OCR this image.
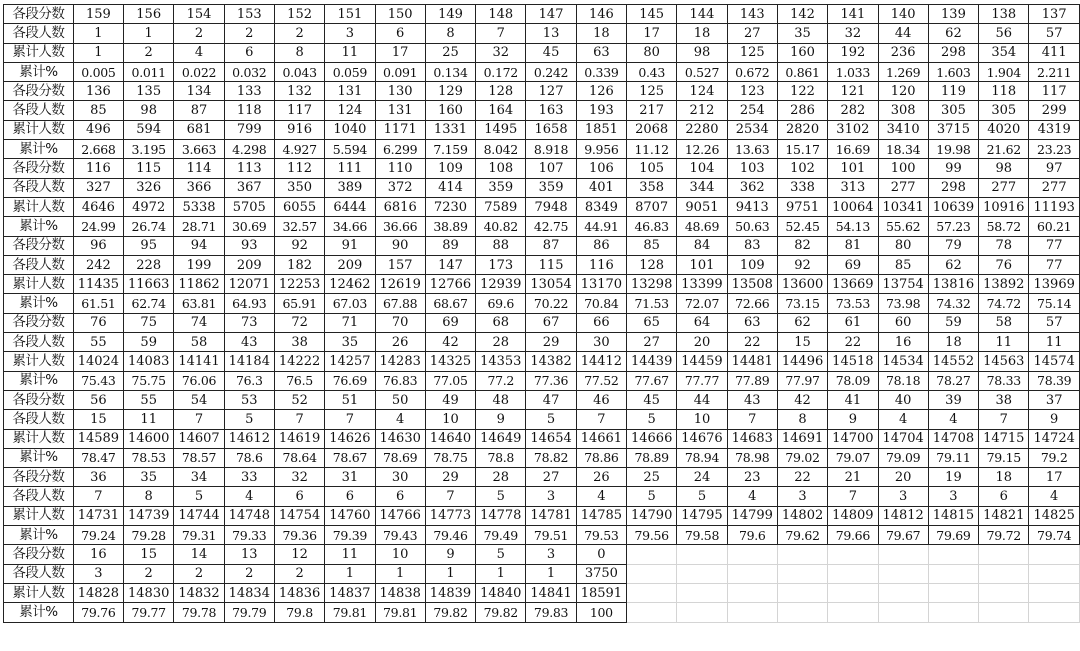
各段分数	159	156	154	153	152	151	150	149	148	147	146	145	144	143	142	141	140	139	138	137
各段人数	1	1	2	2	2	3	6	8	7	13	18	17	18	27	35	32	44	62	56	57
累计人数	1	2	4	6	8	11	17	25	32	45	63	80	98	125	160	192	236	298	354	411
累计%	0.005	0.011	0.022	0.032	0.043	0.059	0.091	0.134	0.172	0.242	0.339	0.43	0.527	0.672	0.861	1.033	1.269	1.603	1.904	2.211
各段分数	136	135	134	133	132	131	130	129	128	127	126	125	124	123	122	121	120	119	118	117
各段人数	85	98	87	118	117	124	131	160	164	163	193	217	212	254	286	282	308	305	305	299
累计人数	496	594	681	799	916	1040	1171	1331	1495	1658	1851	2068	2280	2534	2820	3102	3410	3715	4020	4319
累计%	2.668	3.195	3.663	4.298	4.927	5.594	6.299	7.159	8.042	8.918	9.956	11.12	12.26	13.63	15.17	16.69	18.34	19.98	21.62	23.23
各段分数	116	115	114	113	112	111	110	109	108	107	106	105	104	103	102	101	100	99	98	97
各段人数	327	326	366	367	350	389	372	414	359	359	401	358	344	362	338	313	277	298	277	277
累计人数	4646	4972	5338	5705	6055	6444	6816	7230	7589	7948	8349	8707	9051	9413	9751	10064	10341	10639	10916	11193
累计%	24.99	26.74	28.71	30.69	32.57	34.66	36.66	38.89	40.82	42.75	44.91	46.83	48.69	50.63	52.45	54.13	55.62	57.23	58.72	60.21
各段分数	96	95	94	93	92	91	90	89	88	87	86	85	84	83	82	81	80	79	78	77
各段人数	242	228	199	209	182	209	157	147	173	115	116	128	101	109	92	69	85	62	76	77
累计人数	11435	11663	11862	12071	12253	12462	12619	12766	12939	13054	13170	13298	13399	13508	13600	13669	13754	13816	13892	13969
累计%	61.51	62.74	63.81	64.93	65.91	67.03	67.88	68.67	69.6	70.22	70.84	71.53	72.07	72.66	73.15	73.53	73.98	74.32	74.72	75.14
各段分数	76	75	74	73	72	71	70	69	68	67	66	65	64	63	62	61	60	59	58	57
各段人数	55	59	58	43	38	35	26	42	28	29	30	27	20	22	15	22	16	18	11	11
累计人数	14024	14083	14141	14184	14222	14257	14283	14325	14353	14382	14412	14439	14459	14481	14496	14518	14534	14552	14563	14574
累计%	75.43	75.75	76.06	76.3	76.5	76.69	76.83	77.05	77.2	77.36	77.52	77.67	77.77	77.89	77.97	78.09	78.18	78.27	78.33	78.39
各段分数	56	55	54	53	52	51	50	49	48	47	46	45	44	43	42	41	40	39	38	37
各段人数	15	11	7	5	7	7	4	10	9	5	7	5	10	7	8	9	4	4	7	9
累计人数	14589	14600	14607	14612	14619	14626	14630	14640	14649	14654	14661	14666	14676	14683	14691	14700	14704	14708	14715	14724
累计%	78.47	78.53	78.57	78.6	78.64	78.67	78.69	78.75	78.8	78.82	78.86	78.89	78.94	78.98	79.02	79.07	79.09	79.11	79.15	79.2
各段分数	36	35	34	33	32	31	30	29	28	27	26	25	24	23	22	21	20	19	18	17
各段人数	7	8	5	4	6	6	6	7	5	3	4	5	5	4	3	7	3	3	6	4
累计人数	14731	14739	14744	14748	14754	14760	14766	14773	14778	14781	14785	14790	14795	14799	14802	14809	14812	14815	14821	14825
累计%	79.24	79.28	79.31	79.33	79.36	79.39	79.43	79.46	79.49	79.51	79.53	79.56	79.58	79.6	79.62	79.66	79.67	79.69	79.72	79.74
各段分数	16	15	14	13	12	11	10	9	5	3	0									
各段人数	3	2	2	2	2	1	1	1	1	1	3750									
累计人数	14828	14830	14832	14834	14836	14837	14838	14839	14840	14841	18591									
累计%	79.76	79.77	79.78	79.79	79.8	79.81	79.81	79.82	79.82	79.83	100									
